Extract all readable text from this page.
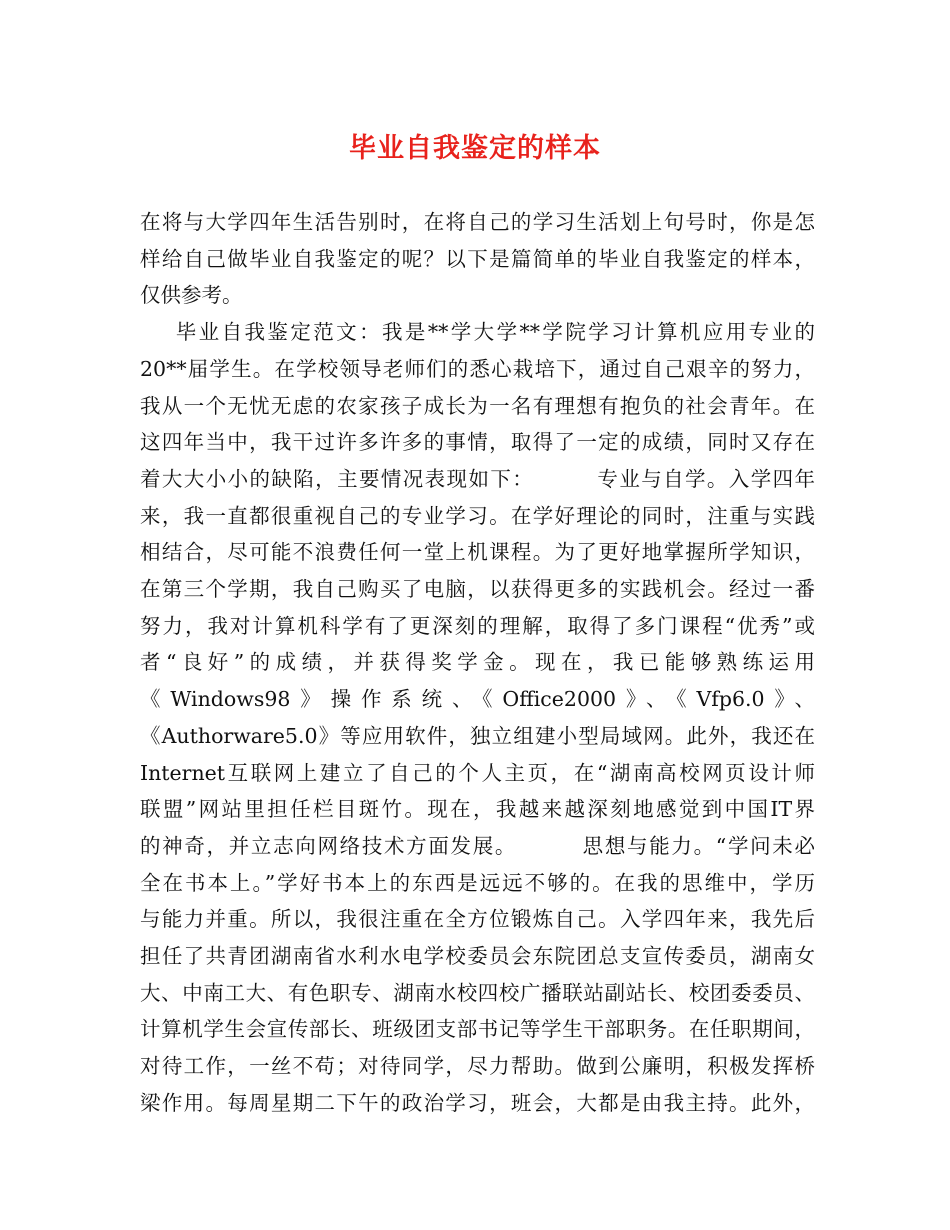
毕业自我鉴定的样本
在将与大学四年生活告别时，在将自己的学习生活划上句号时，你是怎
样给自己做毕业自我鉴定的呢？以下是篇简单的毕业自我鉴定的样本，
仅供参考。
毕业自我鉴定范文：我是**学大学**学院学习计算机应用专业的
20**届学生。在学校领导老师们的悉心栽培下，通过自己艰辛的努力，
我从一个无忧无虑的农家孩子成长为一名有理想有抱负的社会青年。在
这四年当中，我干过许多许多的事情，取得了一定的成绩，同时又存在
着大大小小的缺陷，主要情况表现如下：        专业与自学。入学四年
来，我一直都很重视自己的专业学习。在学好理论的同时，注重与实践
相结合，尽可能不浪费任何一堂上机课程。为了更好地掌握所学知识，
在第三个学期，我自己购买了电脑，以获得更多的实践机会。经过一番
努力，我对计算机科学有了更深刻的理解，取得了多门课程“优秀”或
者“良好”的成绩，并获得奖学金。现在，我已能够熟练运用
《Windows98》操作系统、《Office2000》、《Vfp6.0》、
《Authorware5.0》等应用软件，独立组建小型局域网。此外，我还在
Internet互联网上建立了自己的个人主页，在“湖南高校网页设计师
联盟”网站里担任栏目斑竹。现在，我越来越深刻地感觉到中国IT界
的神奇，并立志向网络技术方面发展。        思想与能力。“学问未必
全在书本上。”学好书本上的东西是远远不够的。在我的思维中，学历
与能力并重。所以，我很注重在全方位锻炼自己。入学四年来，我先后
担任了共青团湖南省水利水电学校委员会东院团总支宣传委员，湖南女
大、中南工大、有色职专、湖南水校四校广播联站副站长、校团委委员、
计算机学生会宣传部长、班级团支部书记等学生干部职务。在任职期间，
对待工作，一丝不苟；对待同学，尽力帮助。做到公廉明，积极发挥桥
梁作用。每周星期二下午的政治学习，班会，大都是由我主持。此外，
